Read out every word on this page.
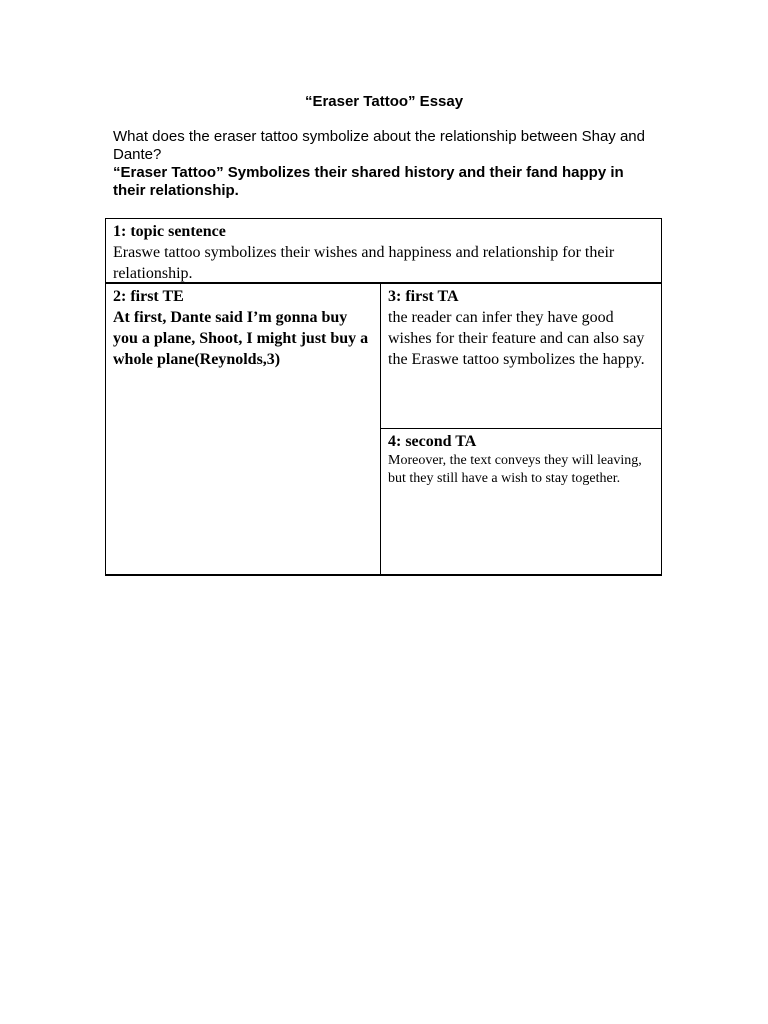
“Eraser Tattoo” Essay
What does the eraser tattoo symbolize about the relationship between Shay and Dante?
“Eraser Tattoo” Symbolizes their shared history and their fand happy in their relationship.
1: topic sentence
Eraswe tattoo symbolizes their wishes and happiness and relationship for their relationship.
2: first TE
At first, Dante said I’m gonna buy you a plane, Shoot, I might just buy a whole plane(Reynolds,3)
3: first TA
the reader can infer they have good wishes for their feature and can also say the Eraswe tattoo symbolizes the happy.
4: second TA
Moreover, the text conveys they will leaving, but they still have a wish to stay together.
